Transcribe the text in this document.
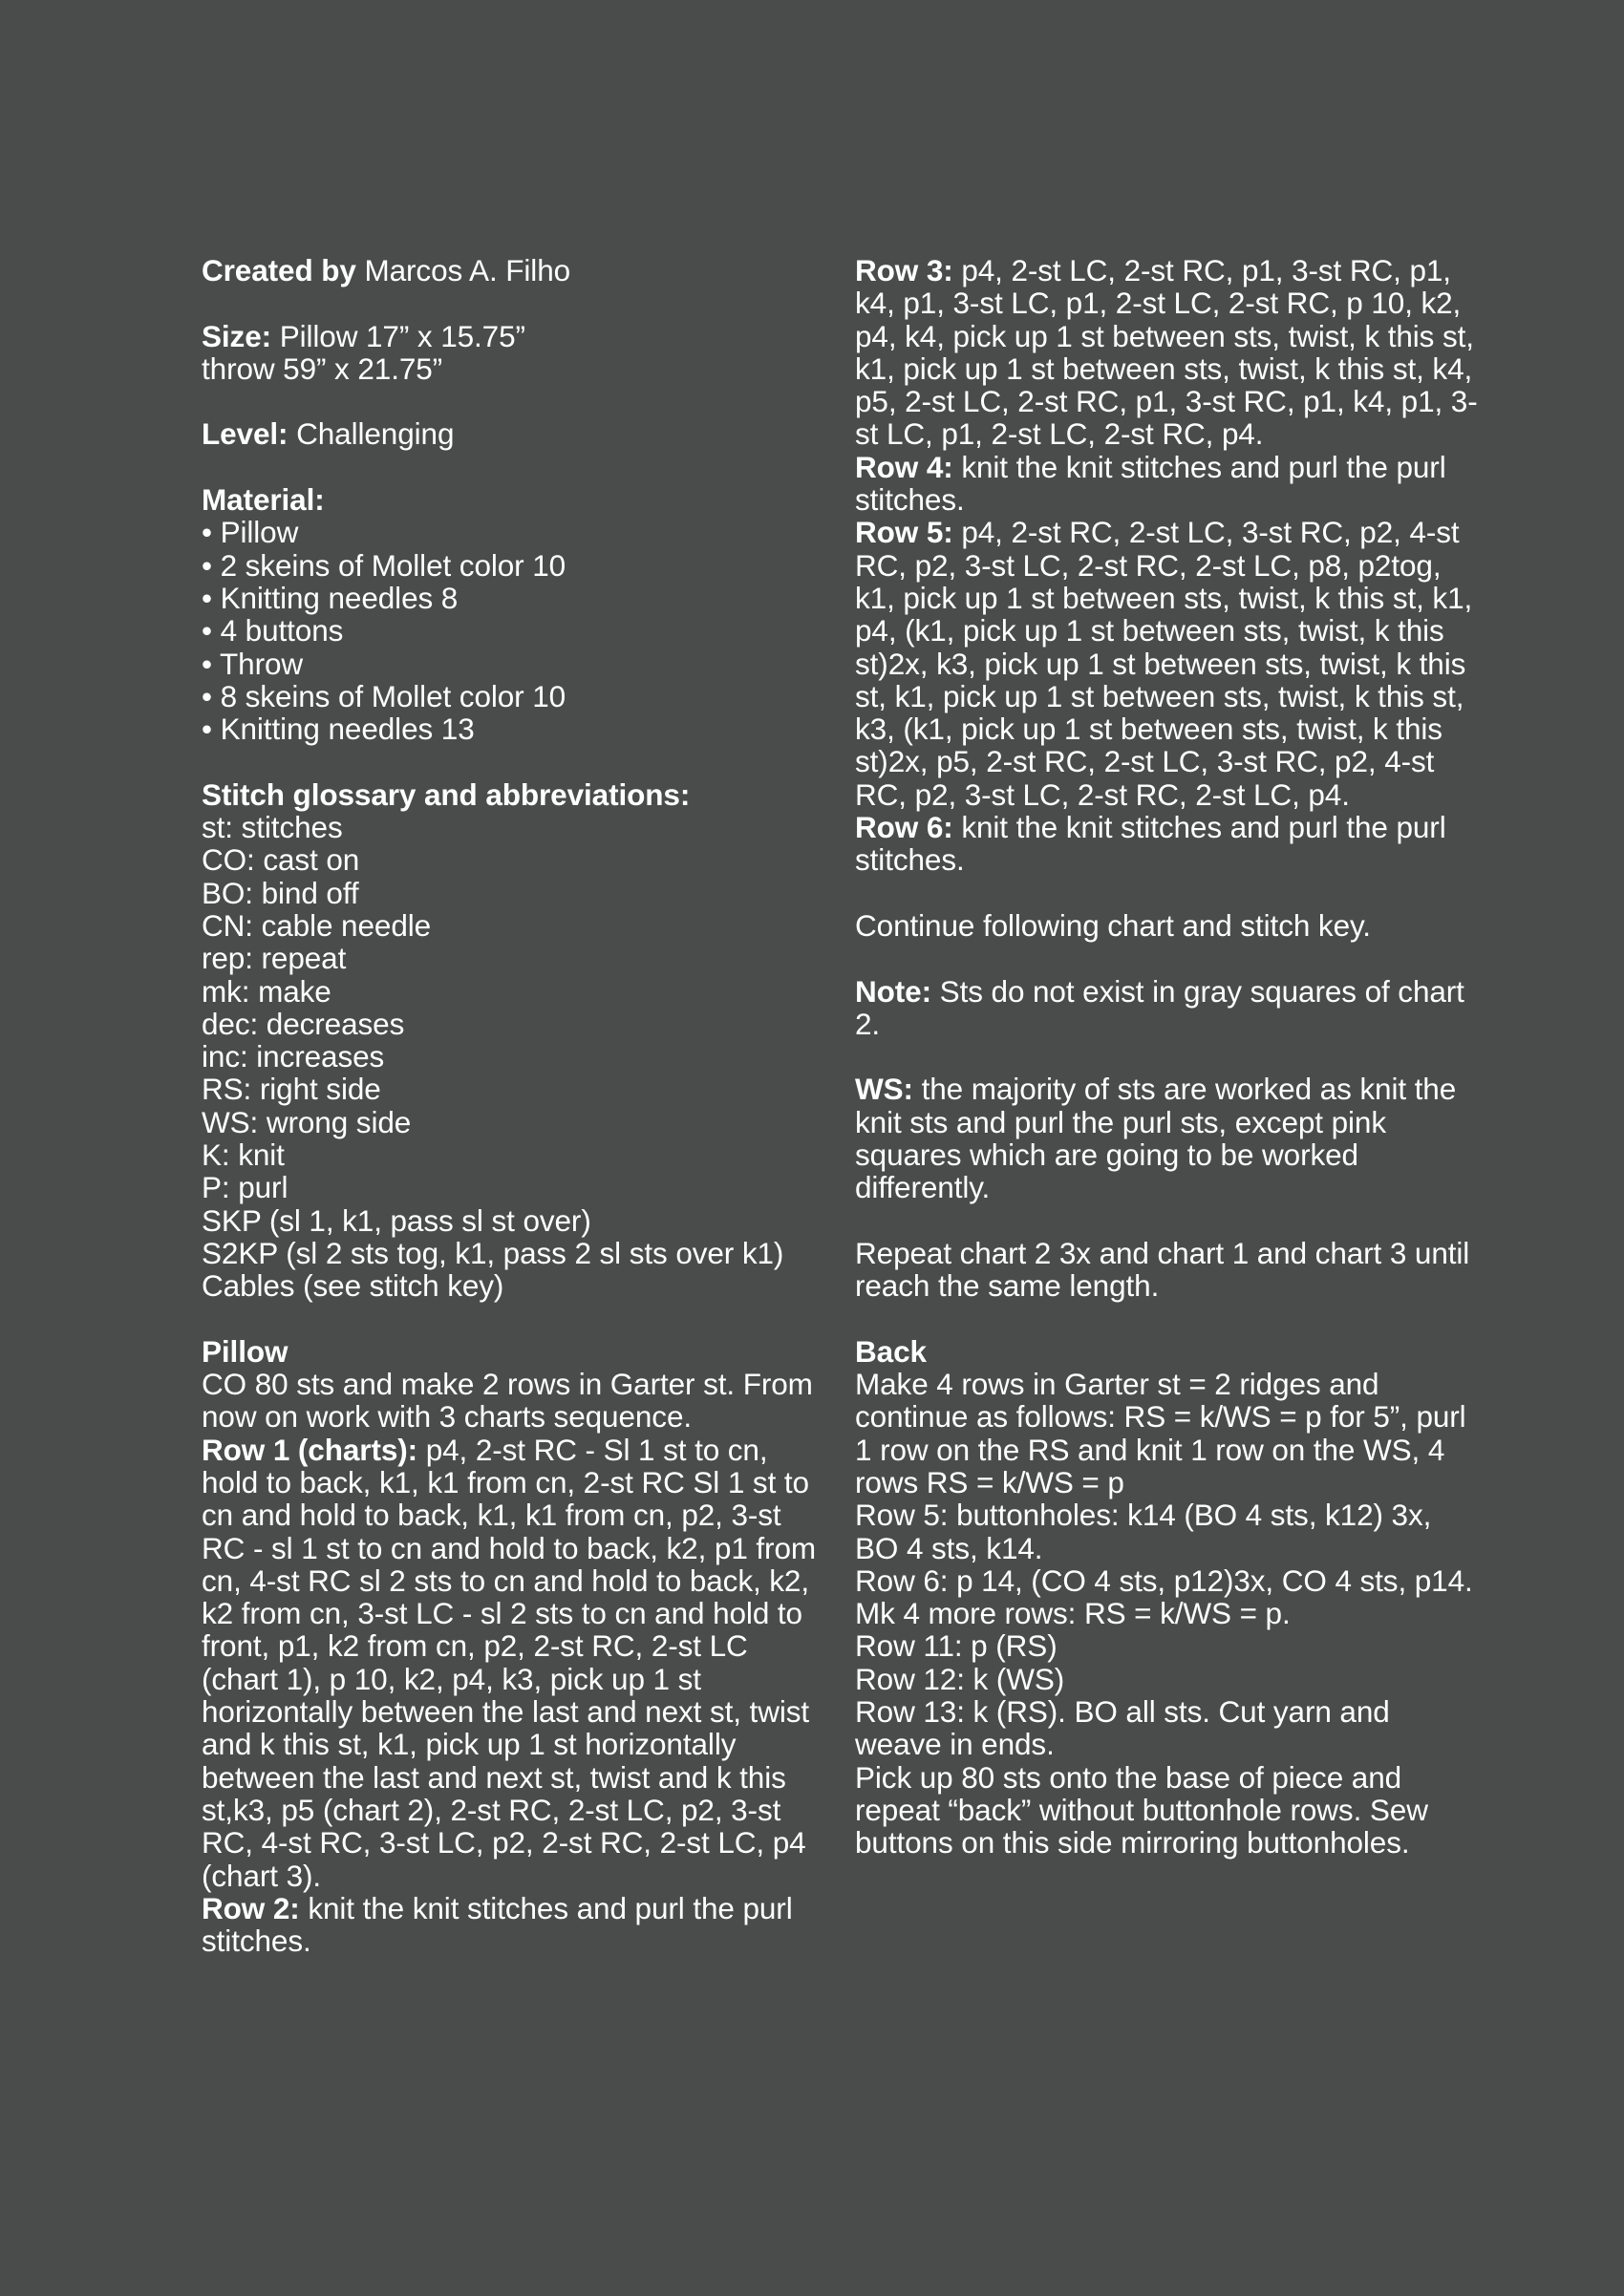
Created by Marcos A. Filho
Size: Pillow 17” x 15.75”
throw 59” x 21.75”
Level: Challenging
Material:
• Pillow
• 2 skeins of Mollet color 10
• Knitting needles 8
• 4 buttons
• Throw
• 8 skeins of Mollet color 10
• Knitting needles 13
Stitch glossary and abbreviations:
st: stitches
CO: cast on
BO: bind off
CN: cable needle
rep: repeat
mk: make
dec: decreases
inc: increases
RS: right side
WS: wrong side
K: knit
P: purl
SKP (sl 1, k1, pass sl st over)
S2KP (sl 2 sts tog, k1, pass 2 sl sts over k1)
Cables (see stitch key)
Pillow
CO 80 sts and make 2 rows in Garter st. From now on work with 3 charts sequence.
Row 1 (charts): p4, 2-st RC - Sl 1 st to cn, hold to back, k1, k1 from cn, 2-st RC Sl 1 st to cn and hold to back, k1, k1 from cn, p2, 3-st RC - sl 1 st to cn and hold to back, k2, p1 from cn, 4-st RC sl 2 sts to cn and hold to back, k2, k2 from cn, 3-st LC - sl 2 sts to cn and hold to front, p1, k2 from cn, p2, 2-st RC, 2-st LC (chart 1), p 10, k2, p4, k3, pick up 1 st horizontally between the last and next st, twist and k this st, k1, pick up 1 st horizontally between the last and next st, twist and k this st,k3, p5 (chart 2), 2-st RC, 2-st LC, p2, 3-st RC, 4-st RC, 3-st LC, p2, 2-st RC, 2-st LC, p4 (chart 3).
Row 2: knit the knit stitches and purl the purl stitches.
Row 3: p4, 2-st LC, 2-st RC, p1, 3-st RC, p1, k4, p1, 3-st LC, p1, 2-st LC, 2-st RC, p 10, k2, p4, k4, pick up 1 st between sts, twist, k this st, k1, pick up 1 st between sts, twist, k this st, k4, p5, 2-st LC, 2-st RC, p1, 3-st RC, p1, k4, p1, 3-st LC, p1, 2-st LC, 2-st RC, p4.
Row 4: knit the knit stitches and purl the purl stitches.
Row 5: p4, 2-st RC, 2-st LC, 3-st RC, p2, 4-st RC, p2, 3-st LC, 2-st RC, 2-st LC, p8, p2tog, k1, pick up 1 st between sts, twist, k this st, k1, p4, (k1, pick up 1 st between sts, twist, k this st)2x, k3, pick up 1 st between sts, twist, k this st, k1, pick up 1 st between sts, twist, k this st, k3, (k1, pick up 1 st between sts, twist, k this st)2x, p5, 2-st RC, 2-st LC, 3-st RC, p2, 4-st RC, p2, 3-st LC, 2-st RC, 2-st LC, p4.
Row 6: knit the knit stitches and purl the purl stitches.
Continue following chart and stitch key.
Note: Sts do not exist in gray squares of chart 2.
WS: the majority of sts are worked as knit the knit sts and purl the purl sts, except pink squares which are going to be worked differently.
Repeat chart 2 3x and chart 1 and chart 3 until reach the same length.
Back
Make 4 rows in Garter st = 2 ridges and continue as follows: RS = k/WS = p for 5”, purl 1 row on the RS and knit 1 row on the WS, 4 rows RS = k/WS = p
Row 5: buttonholes: k14 (BO 4 sts, k12) 3x, BO 4 sts, k14.
Row 6: p 14, (CO 4 sts, p12)3x, CO 4 sts, p14.
Mk 4 more rows: RS = k/WS = p.
Row 11: p (RS)
Row 12: k (WS)
Row 13: k (RS). BO all sts. Cut yarn and weave in ends.
Pick up 80 sts onto the base of piece and repeat “back” without buttonhole rows. Sew buttons on this side mirroring buttonholes.
